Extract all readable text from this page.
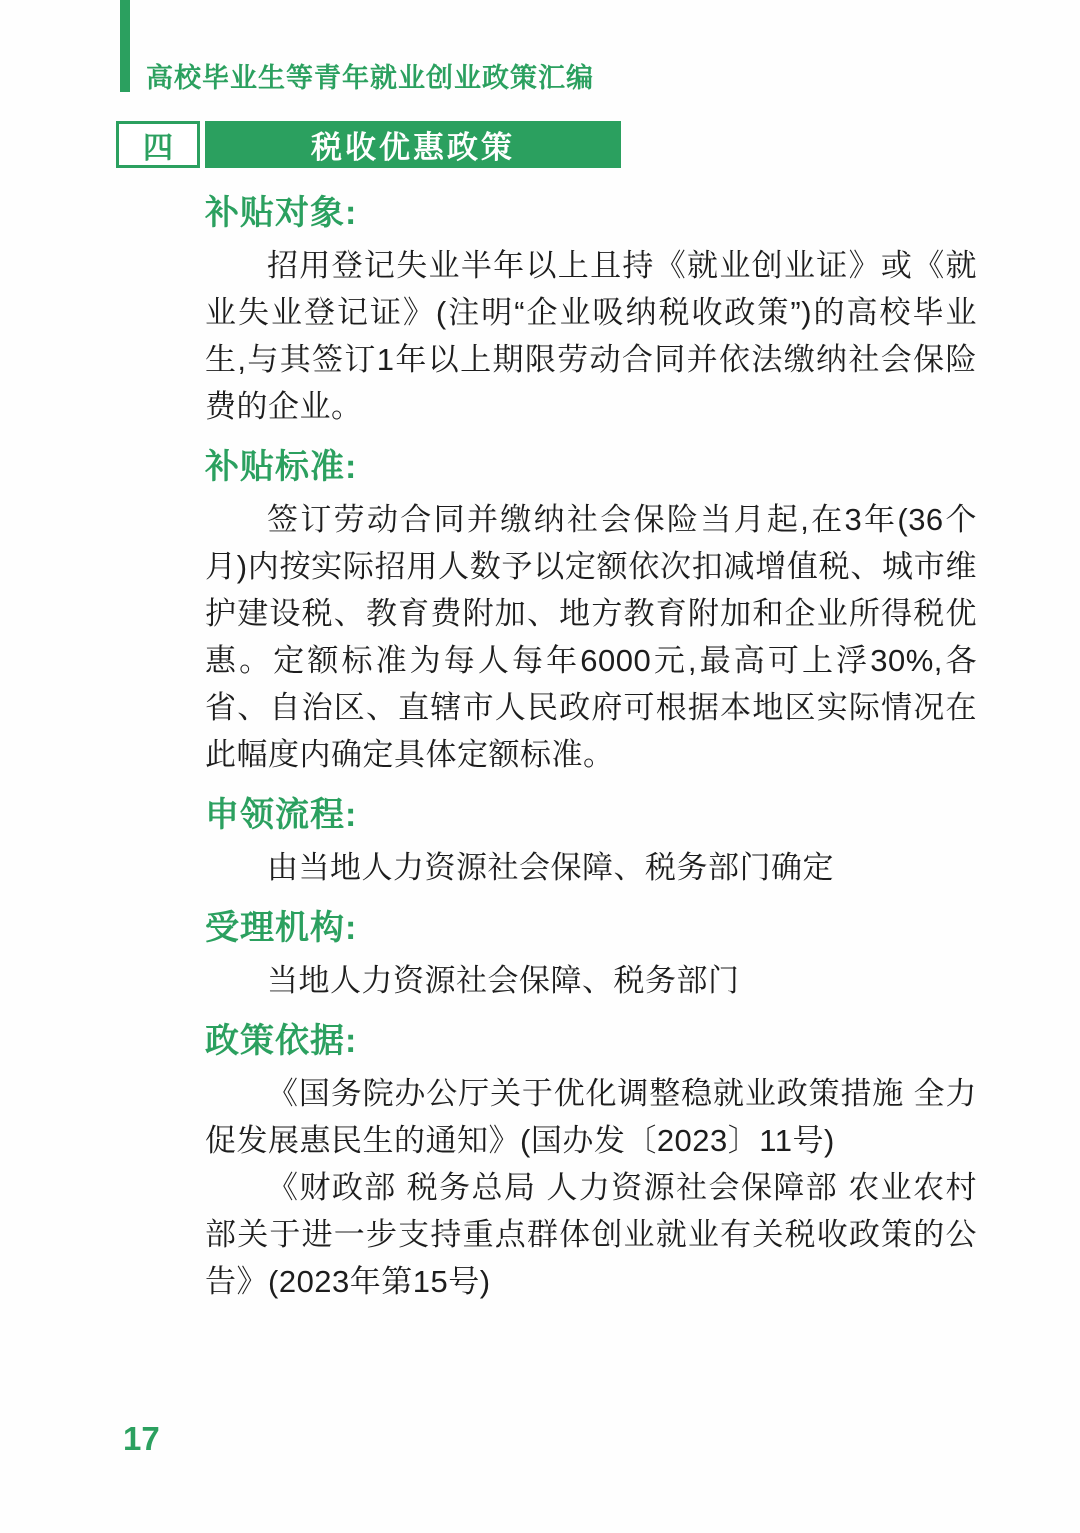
高校毕业生等青年就业创业政策汇编
四	税收优惠政策
补贴对象:

招用登记失业半年以上且持《就业创业证》或《就业失业登记证》(注明“企业吸纳税收政策”)的高校毕业生,与其签订1年以上期限劳动合同并依法缴纳社会保险费的企业。

补贴标准:

签订劳动合同并缴纳社会保险当月起,在3年(36个月)内按实际招用人数予以定额依次扣减增值税、城市维护建设税、教育费附加、地方教育附加和企业所得税优惠。定额标准为每人每年6000元,最高可上浮30%,各省、自治区、直辖市人民政府可根据本地区实际情况在此幅度内确定具体定额标准。

申领流程:

由当地人力资源社会保障、税务部门确定

受理机构:

当地人力资源社会保障、税务部门

政策依据:

《国务院办公厅关于优化调整稳就业政策措施 全力促发展惠民生的通知》(国办发〔2023〕11号)

《财政部 税务总局 人力资源社会保障部 农业农村部关于进一步支持重点群体创业就业有关税收政策的公告》(2023年第15号)

17
